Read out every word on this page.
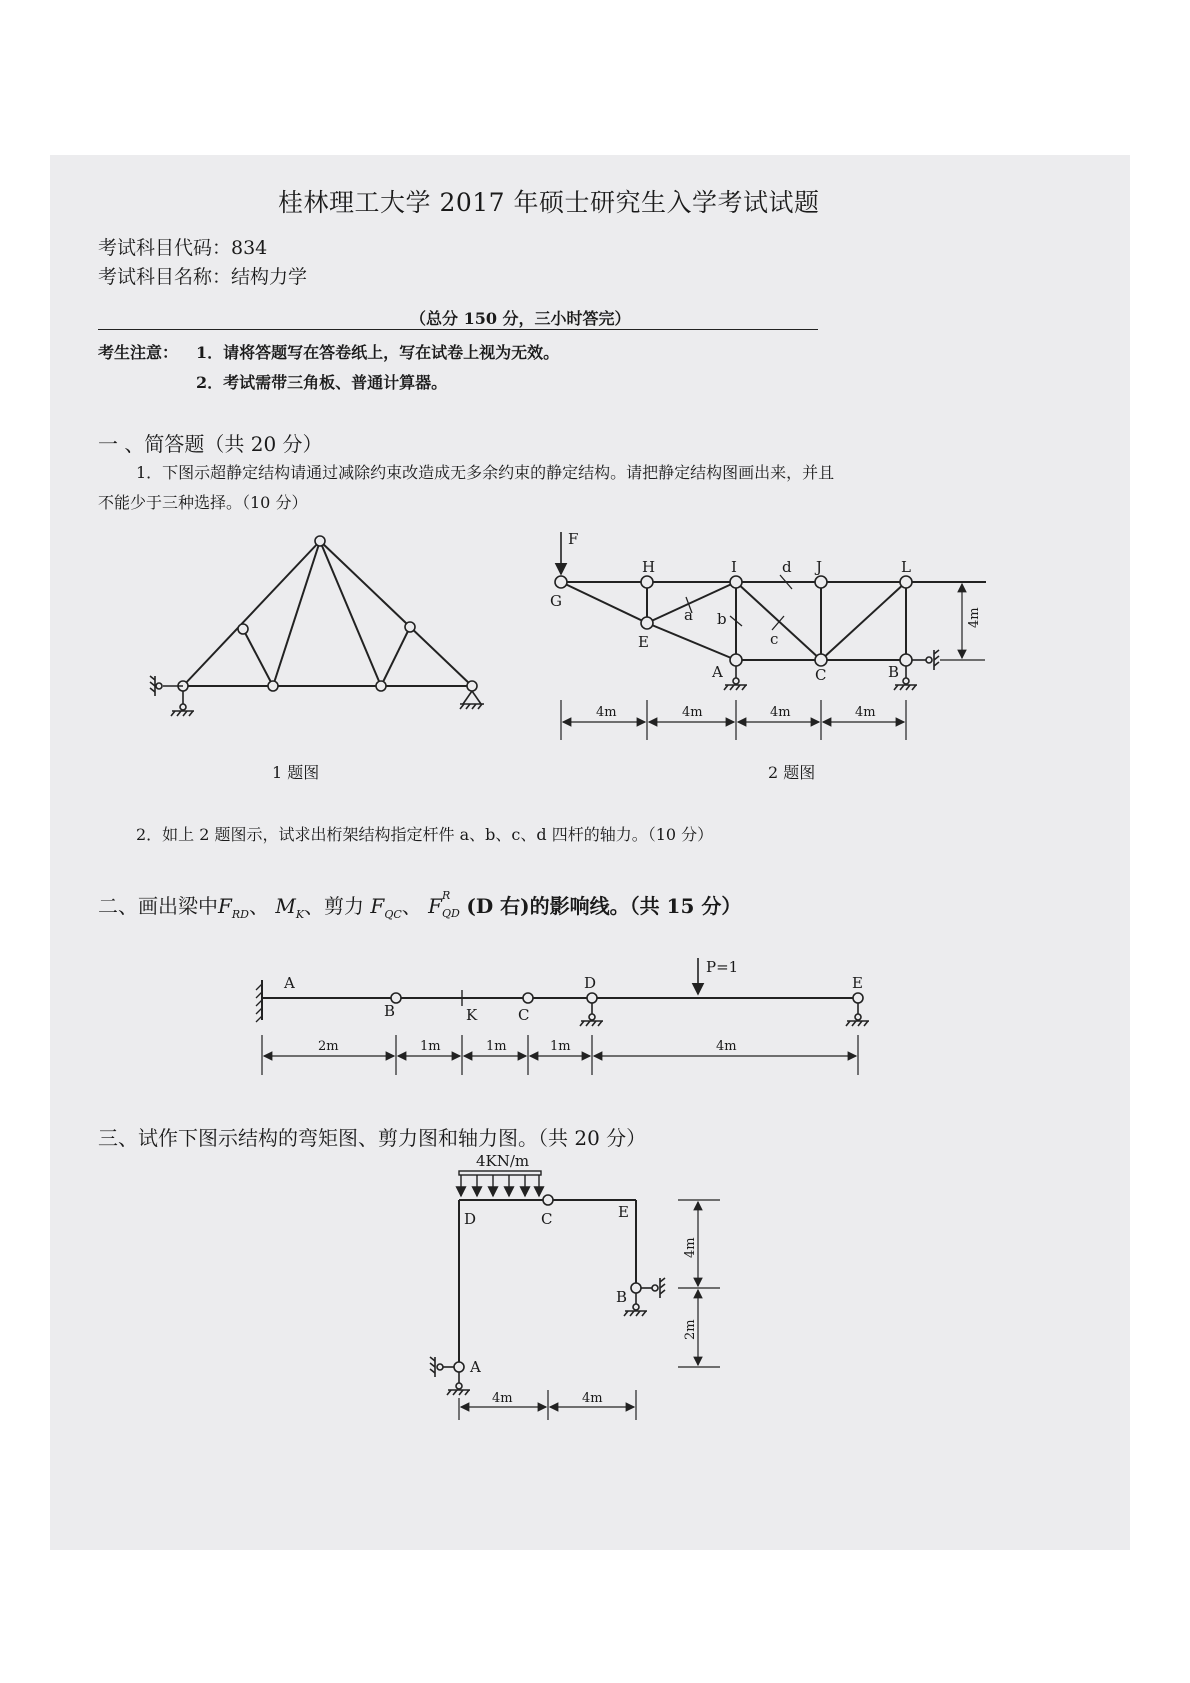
桂林理工大学 2017 年硕士研究生入学考试试题
考试科目代码：834
考试科目名称：结构力学
（总分 150 分，三小时答完）
考生注意： 1．请将答题写在答卷纸上，写在试卷上视为无效。
2．考试需带三角板、普通计算器。
一 、简答题（共 20 分）
1．下图示超静定结构请通过减除约束改造成无多余约束的静定结构。请把静定结构图画出来，并且
不能少于三种选择。（10 分）
1 题图	2 题图
2．如上 2 题图示，试求出桁架结构指定杆件 a、b、c、d 四杆的轴力。（10 分）
二、画出梁中$F_{RD}$、 $M_K$、剪力 $F_{QC}$、 F R
QD (D 右)的影响线。（共 15 分）
三、试作下图示结构的弯矩图、剪力图和轴力图。（共 20 分）
F
G
H	I	J	L
E
A	C	B
a b
c
d
4m
4m	4m	4m	4m
A
B	K	C
D	E
P=1
2m	1m	1m	1m	4m
4KN/m
D	C	E
B
A
4m
2m
4m	4m
